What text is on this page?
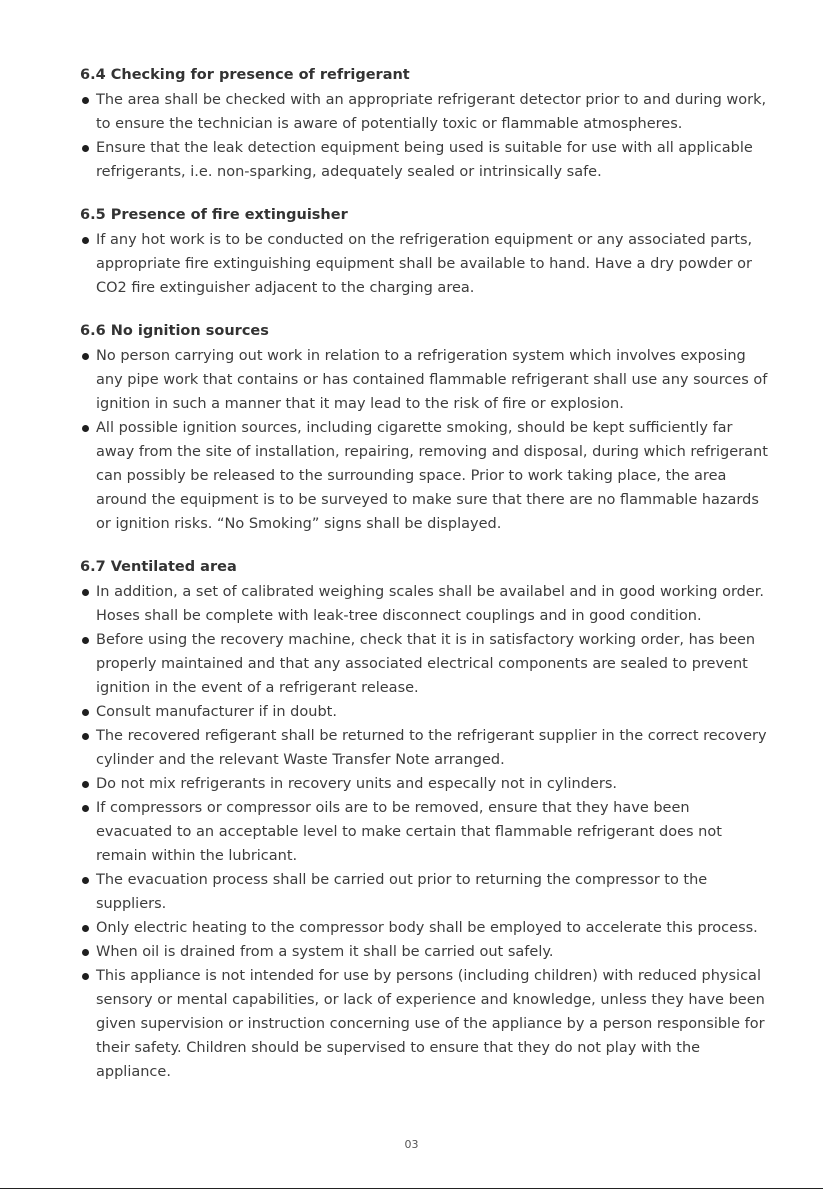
6.4 Checking for presence of refrigerant
The area shall be checked with an appropriate refrigerant detector prior to and during work, to ensure the technician is aware of potentially toxic or flammable atmospheres.
Ensure that the leak detection equipment being used is suitable for use with all applicable refrigerants, i.e. non-sparking, adequately sealed or intrinsically safe.
6.5 Presence of fire extinguisher
If any hot work is to be conducted on the refrigeration equipment or any associated parts, appropriate fire extinguishing equipment shall be available to hand. Have a dry powder or CO2 fire extinguisher adjacent to the charging area.
6.6 No ignition sources
No person carrying out work in relation to a refrigeration system which involves exposing any pipe work that contains or has contained flammable refrigerant shall use any sources of ignition in such a manner that it may lead to the risk of fire or explosion.
All possible ignition sources, including cigarette smoking, should be kept sufficiently far away from the site of installation, repairing, removing and disposal, during which refrigerant can possibly be released to the surrounding space. Prior to work taking place, the area around the equipment is to be surveyed to make sure that there are no flammable hazards or ignition risks. “No Smoking” signs shall be displayed.
6.7 Ventilated area
In addition, a set of calibrated weighing scales shall be availabel and in good working order. Hoses shall be complete with leak-tree disconnect couplings and in good condition.
Before using the recovery machine, check that it is in satisfactory working order, has been properly maintained and that any associated electrical components are sealed to prevent ignition in the event of a refrigerant release.
Consult manufacturer if in doubt.
The recovered refigerant shall be returned to the refrigerant supplier in the correct recovery cylinder and the relevant Waste Transfer Note arranged.
Do not mix refrigerants in recovery units and especally not in cylinders.
If compressors or compressor oils are to be removed, ensure that they have been evacuated to an acceptable level to make certain that flammable refrigerant does not remain within the lubricant.
The evacuation process shall be carried out prior to returning the compressor to the suppliers.
Only electric heating to the compressor body shall be employed to accelerate this process.
When oil is drained from a system it shall be carried out safely.
This appliance is not intended for use by persons (including children) with reduced physical sensory or mental capabilities, or lack of experience and knowledge, unless they have been given supervision or instruction concerning use of the appliance by a person responsible for their safety. Children should be supervised to ensure that they do not play with the appliance.
03
